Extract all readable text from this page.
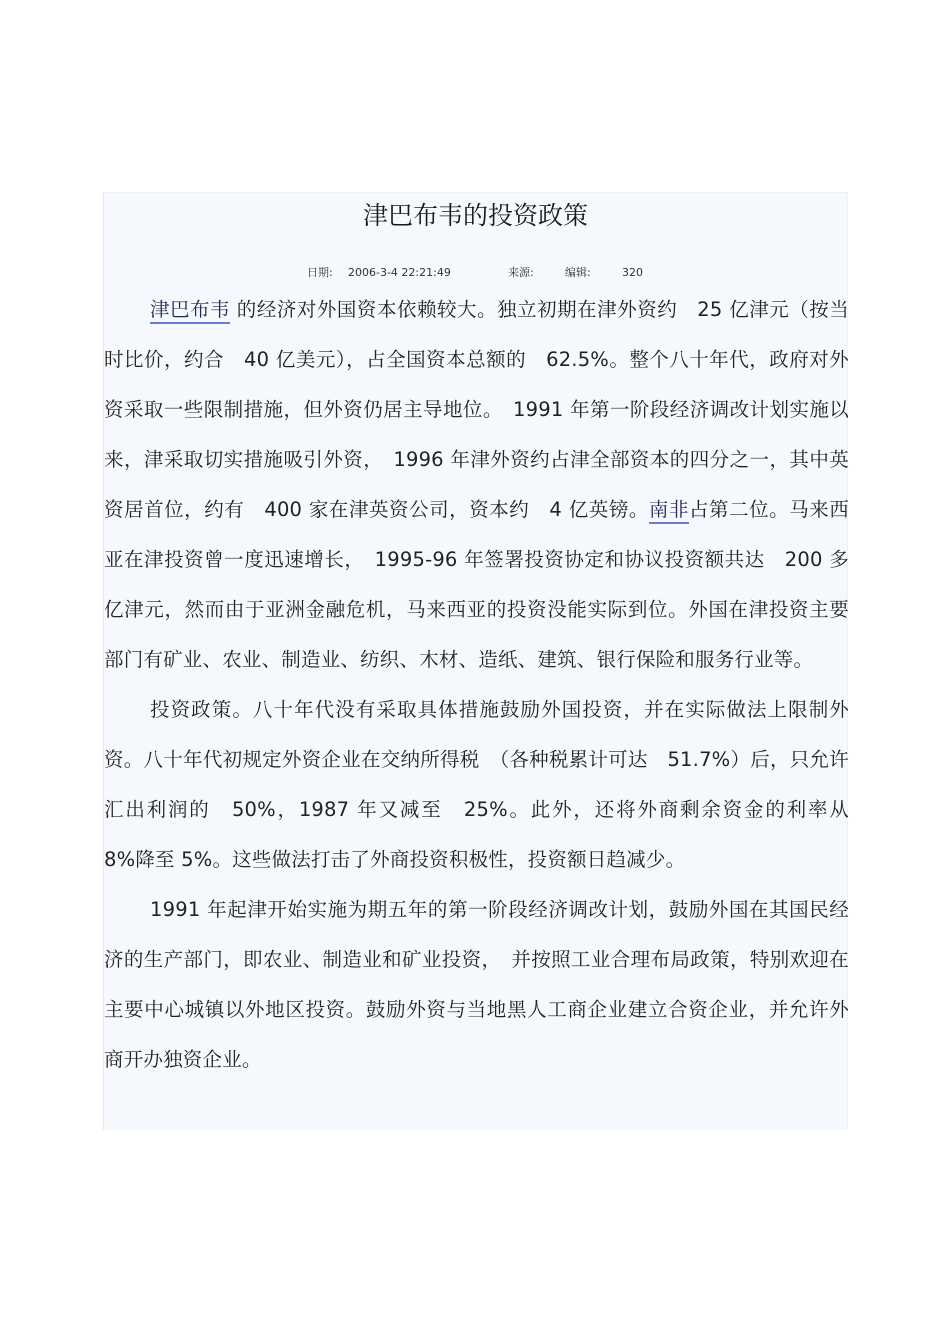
津巴布韦的投资政策
日期: 2006-3-4 22:21:49	来源:	编辑:	320

津巴布韦 的经济对外国资本依赖较大。独立初期在津外资约　25 亿津元（按当时比价，约合　40 亿美元），占全国资本总额的　62.5%。整个八十年代，政府对外资采取一些限制措施，但外资仍居主导地位。　1991 年第一阶段经济调改计划实施以来，津采取切实措施吸引外资，　1996 年津外资约占津全部资本的四分之一，其中英资居首位，约有　400 家在津英资公司，资本约　4 亿英镑。南非占第二位。马来西亚在津投资曾一度迅速增长，　1995-96 年签署投资协定和协议投资额共达　200 多亿津元，然而由于亚洲金融危机，马来西亚的投资没能实际到位。外国在津投资主要部门有矿业、农业、制造业、纺织、木材、造纸、建筑、银行保险和服务行业等。

投资政策。八十年代没有采取具体措施鼓励外国投资，并在实际做法上限制外资。八十年代初规定外资企业在交纳所得税　（各种税累计可达　51.7%）后，只允许汇出利润的　50%，1987 年又减至　25%。此外，还将外商剩余资金的利率从　8%降至 5%。这些做法打击了外商投资积极性，投资额日趋减少。

1991 年起津开始实施为期五年的第一阶段经济调改计划，鼓励外国在其国民经济的生产部门，即农业、制造业和矿业投资，　并按照工业合理布局政策，特别欢迎在主要中心城镇以外地区投资。鼓励外资与当地黑人工商企业建立合资企业，并允许外商开办独资企业。
